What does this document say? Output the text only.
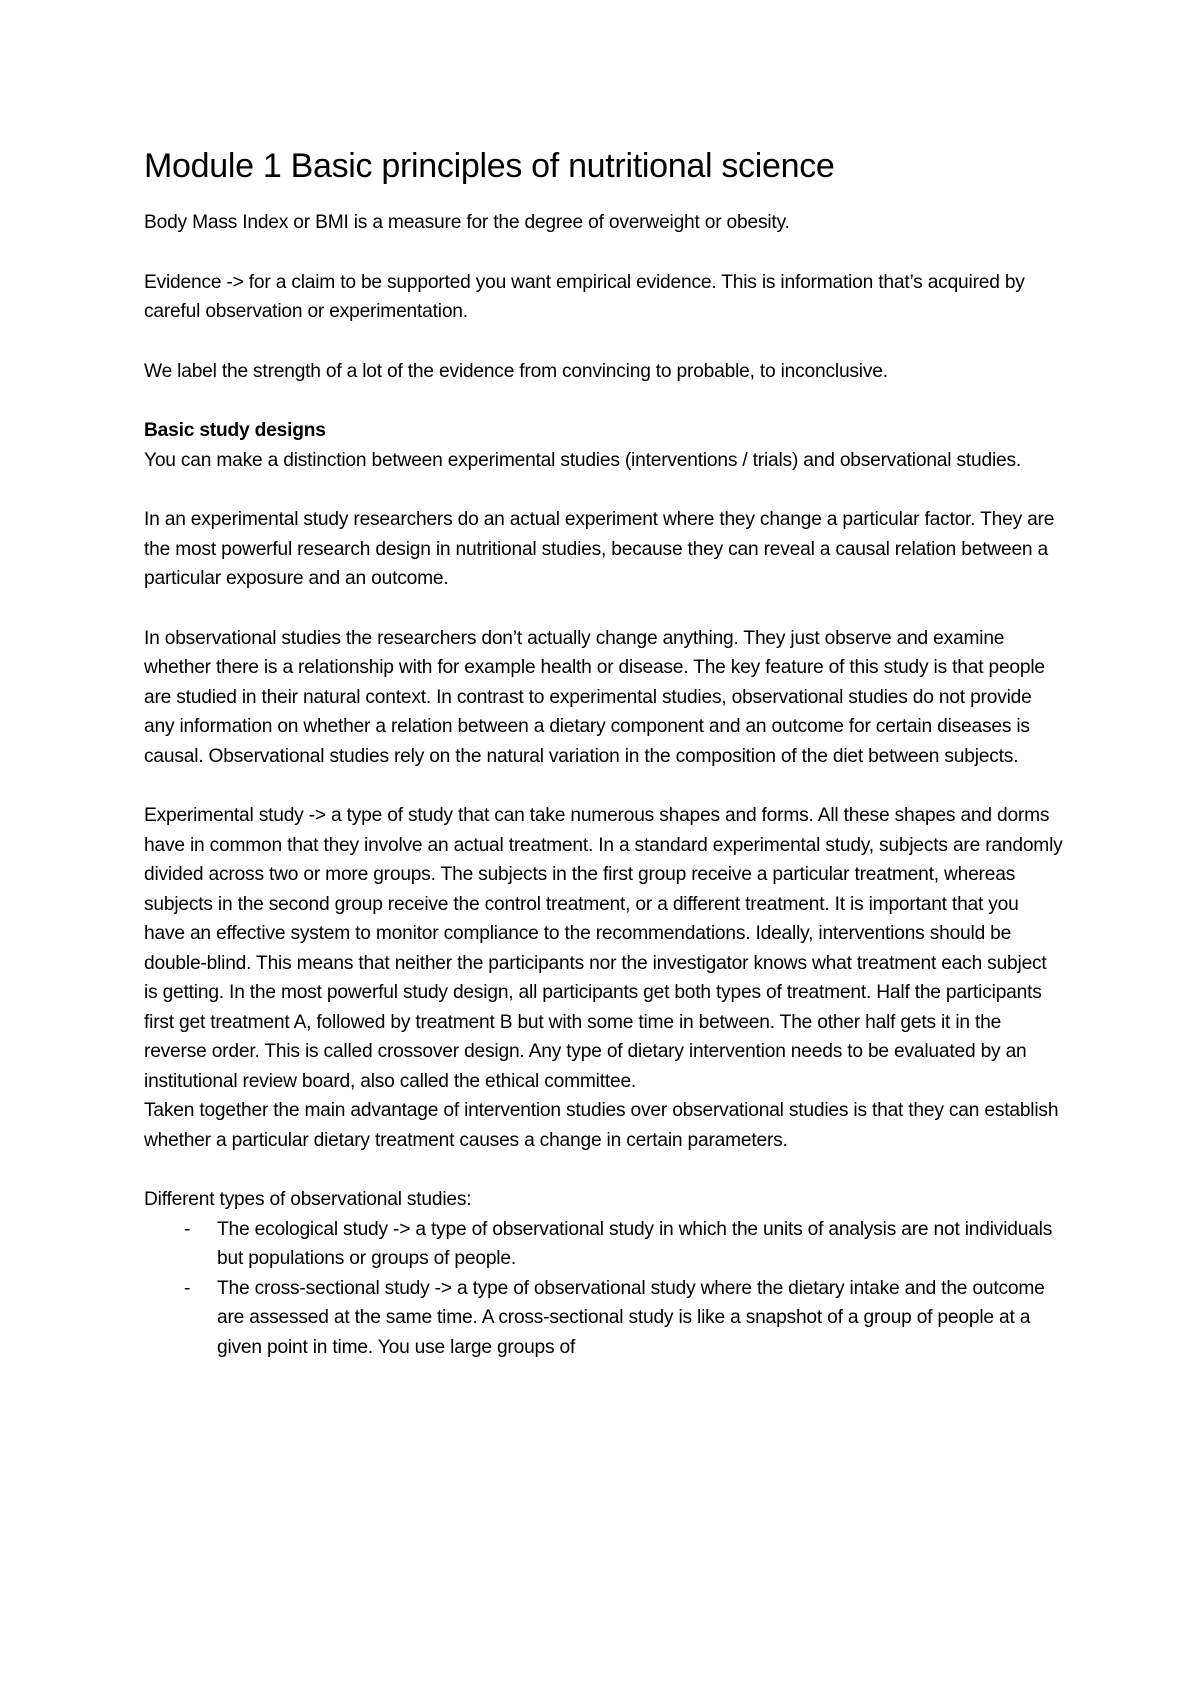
Module 1 Basic principles of nutritional science

Body Mass Index or BMI is a measure for the degree of overweight or obesity.

Evidence -> for a claim to be supported you want empirical evidence. This is information that’s acquired by careful observation or experimentation.

We label the strength of a lot of the evidence from convincing to probable, to inconclusive.

Basic study designs
You can make a distinction between experimental studies (interventions / trials) and observational studies.

In an experimental study researchers do an actual experiment where they change a particular factor. They are the most powerful research design in nutritional studies, because they can reveal a causal relation between a particular exposure and an outcome.

In observational studies the researchers don’t actually change anything. They just observe and examine whether there is a relationship with for example health or disease. The key feature of this study is that people are studied in their natural context. In contrast to experimental studies, observational studies do not provide any information on whether a relation between a dietary component and an outcome for certain diseases is causal. Observational studies rely on the natural variation in the composition of the diet between subjects.

Experimental study -> a type of study that can take numerous shapes and forms. All these shapes and dorms have in common that they involve an actual treatment. In a standard experimental study, subjects are randomly divided across two or more groups. The subjects in the first group receive a particular treatment, whereas subjects in the second group receive the control treatment, or a different treatment. It is important that you have an effective system to monitor compliance to the recommendations. Ideally, interventions should be double-blind. This means that neither the participants nor the investigator knows what treatment each subject is getting. In the most powerful study design, all participants get both types of treatment. Half the participants first get treatment A, followed by treatment B but with some time in between. The other half gets it in the reverse order. This is called crossover design. Any type of dietary intervention needs to be evaluated by an institutional review board, also called the ethical committee.

Taken together the main advantage of intervention studies over observational studies is that they can establish whether a particular dietary treatment causes a change in certain parameters.

Different types of observational studies:

- The ecological study -> a type of observational study in which the units of analysis are not individuals but populations or groups of people.
- The cross-sectional study -> a type of observational study where the dietary intake and the outcome are assessed at the same time. A cross-sectional study is like a snapshot of a group of people at a given point in time. You use large groups of
